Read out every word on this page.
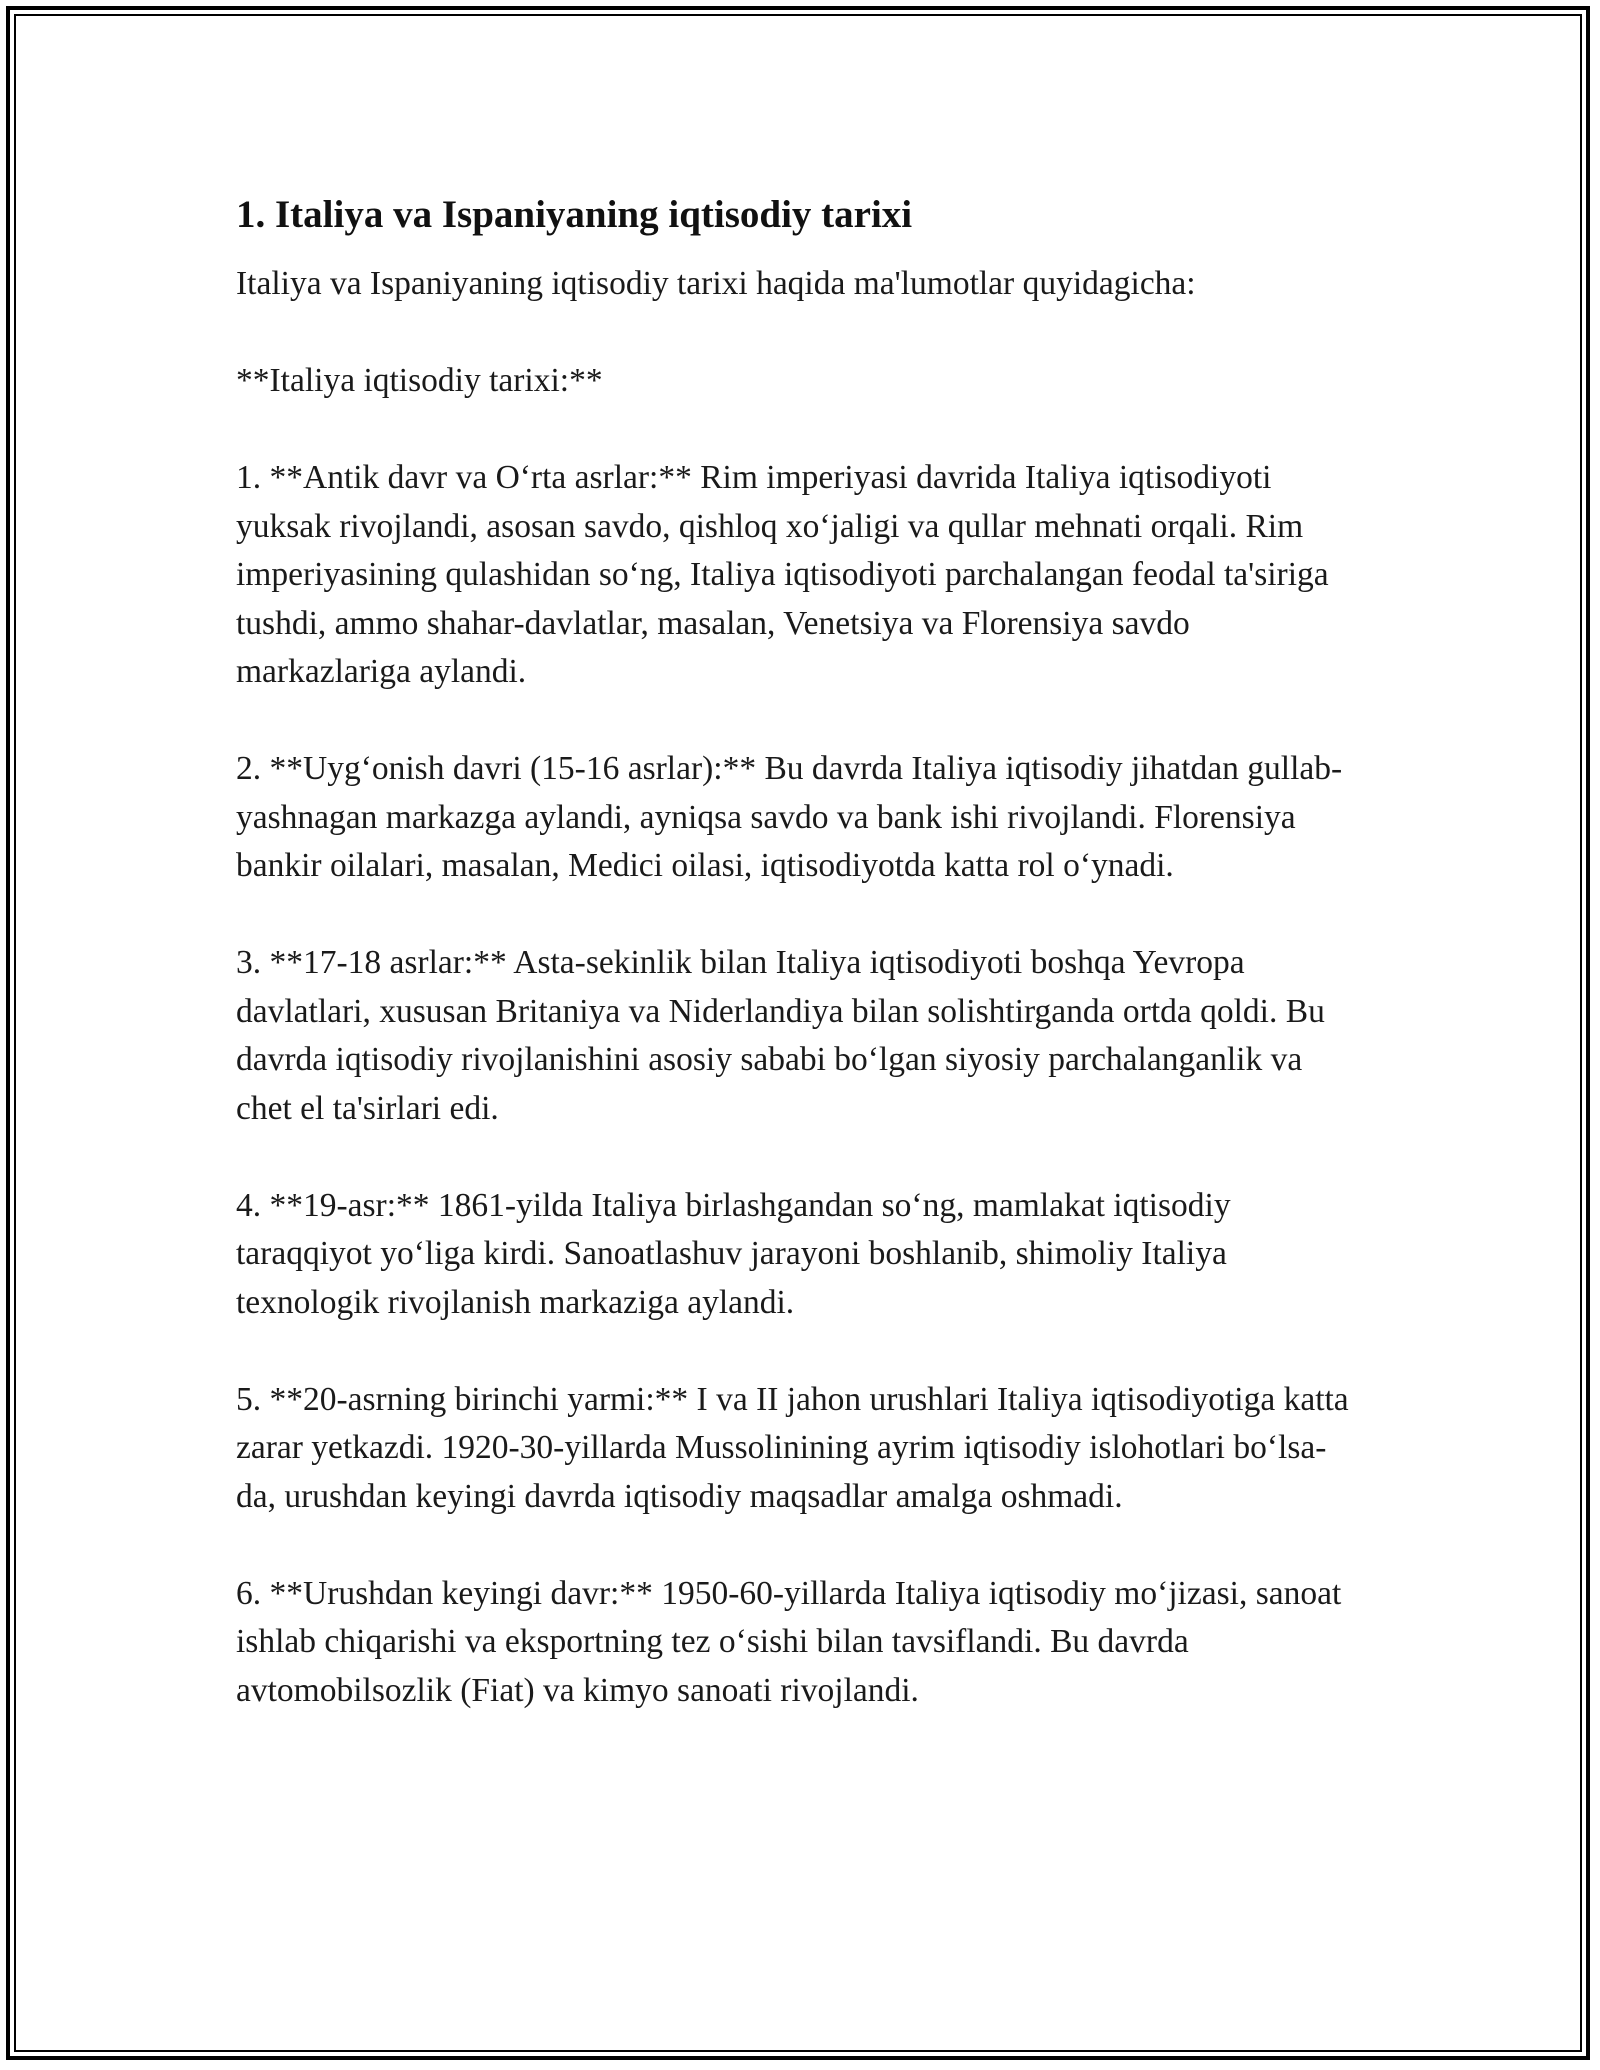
1. Italiya va Ispaniyaning iqtisodiy tarixi

Italiya va Ispaniyaning iqtisodiy tarixi haqida ma'lumotlar quyidagicha:

**Italiya iqtisodiy tarixi:**

1. **Antik davr va O‘rta asrlar:** Rim imperiyasi davrida Italiya iqtisodiyoti yuksak rivojlandi, asosan savdo, qishloq xo‘jaligi va qullar mehnati orqali. Rim imperiyasining qulashidan so‘ng, Italiya iqtisodiyoti parchalangan feodal ta'siriga tushdi, ammo shahar-davlatlar, masalan, Venetsiya va Florensiya savdo markazlariga aylandi.

2. **Uyg‘onish davri (15-16 asrlar):** Bu davrda Italiya iqtisodiy jihatdan gullab-yashnagan markazga aylandi, ayniqsa savdo va bank ishi rivojlandi. Florensiya bankir oilalari, masalan, Medici oilasi, iqtisodiyotda katta rol o‘ynadi.

3. **17-18 asrlar:** Asta-sekinlik bilan Italiya iqtisodiyoti boshqa Yevropa davlatlari, xususan Britaniya va Niderlandiya bilan solishtirganda ortda qoldi. Bu davrda iqtisodiy rivojlanishini asosiy sababi bo‘lgan siyosiy parchalanganlik va chet el ta'sirlari edi.

4. **19-asr:** 1861-yilda Italiya birlashgandan so‘ng, mamlakat iqtisodiy taraqqiyot yo‘liga kirdi. Sanoatlashuv jarayoni boshlanib, shimoliy Italiya texnologik rivojlanish markaziga aylandi.

5. **20-asrning birinchi yarmi:** I va II jahon urushlari Italiya iqtisodiyotiga katta zarar yetkazdi. 1920-30-yillarda Mussolinining ayrim iqtisodiy islohotlari bo‘lsa-da, urushdan keyingi davrda iqtisodiy maqsadlar amalga oshmadi.

6. **Urushdan keyingi davr:** 1950-60-yillarda Italiya iqtisodiy mo‘jizasi, sanoat ishlab chiqarishi va eksportning tez o‘sishi bilan tavsiflandi. Bu davrda avtomobilsozlik (Fiat) va kimyo sanoati rivojlandi.
